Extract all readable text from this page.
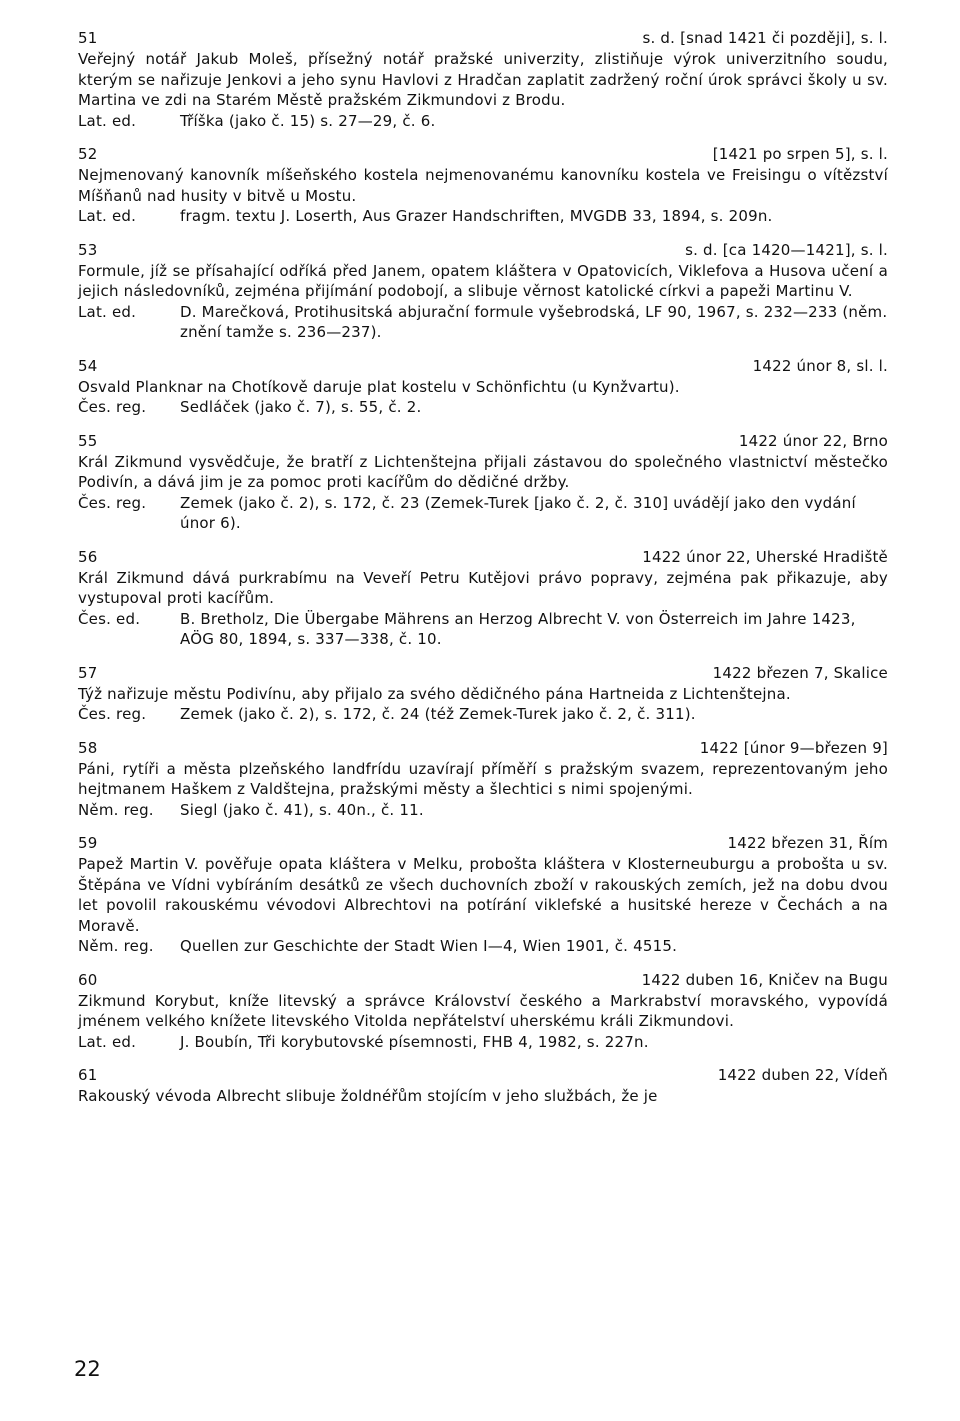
51	s. d. [snad 1421 či později], s. l.
Veřejný notář Jakub Moleš, přísežný notář pražské univerzity, zlistiňuje výrok univerzitního soudu, kterým se nařizuje Jenkovi a jeho synu Havlovi z Hradčan zaplatit zadržený roční úrok správci školy u sv. Martina ve zdi na Starém Městě pražském Zikmundovi z Brodu.
Lat. ed.	Tříška (jako č. 15) s. 27—29, č. 6.
52	[1421 po srpen 5], s. l.
Nejmenovaný kanovník míšeňského kostela nejmenovanému kanovníku kostela ve Freisingu o vítězství Míšňanů nad husity v bitvě u Mostu.
Lat. ed.	fragm. textu J. Loserth, Aus Grazer Handschriften, MVGDB 33, 1894, s. 209n.
53	s. d. [ca 1420—1421], s. l.
Formule, jíž se přísahající odříká před Janem, opatem kláštera v Opatovicích, Viklefova a Husova učení a jejich následovníků, zejména přijímání podobojí, a slibuje věrnost katolické církvi a papeži Martinu V.
Lat. ed.	D. Marečková, Protihusitská abjurační formule vyšebrodská, LF 90, 1967, s. 232—233 (něm. znění tamže s. 236—237).
54	1422 únor 8, sl. l.
Osvald Planknar na Chotíkově daruje plat kostelu v Schönfichtu (u Kynžvartu).
Čes. reg.	Sedláček (jako č. 7), s. 55, č. 2.
55	1422 únor 22, Brno
Král Zikmund vysvědčuje, že bratří z Lichtenštejna přijali zástavou do společného vlastnictví městečko Podivín, a dává jim je za pomoc proti kacířům do dědičné držby.
Čes. reg.	Zemek (jako č. 2), s. 172, č. 23 (Zemek-Turek [jako č. 2, č. 310] uvádějí jako den vydání únor 6).
56	1422 únor 22, Uherské Hradiště
Král Zikmund dává purkrabímu na Veveří Petru Kutějovi právo popravy, zejména pak přikazuje, aby vystupoval proti kacířům.
Čes. ed.	B. Bretholz, Die Übergabe Mährens an Herzog Albrecht V. von Österreich im Jahre 1423, AÖG 80, 1894, s. 337—338, č. 10.
57	1422 březen 7, Skalice
Týž nařizuje městu Podivínu, aby přijalo za svého dědičného pána Hartneida z Lichtenštejna.
Čes. reg.	Zemek (jako č. 2), s. 172, č. 24 (též Zemek-Turek jako č. 2, č. 311).
58	1422 [únor 9—březen 9]
Páni, rytíři a města plzeňského landfrídu uzavírají příměří s pražským svazem, reprezentovaným jeho hejtmanem Haškem z Valdštejna, pražskými městy a šlechtici s nimi spojenými.
Něm. reg.	Siegl (jako č. 41), s. 40n., č. 11.
59	1422 březen 31, Řím
Papež Martin V. pověřuje opata kláštera v Melku, probošta kláštera v Klosterneuburgu a probošta u sv. Štěpána ve Vídni vybíráním desátků ze všech duchovních zboží v rakouských zemích, jež na dobu dvou let povolil rakouskému vévodovi Albrechtovi na potírání viklefské a husitské hereze v Čechách a na Moravě.
Něm. reg.	Quellen zur Geschichte der Stadt Wien I—4, Wien 1901, č. 4515.
60	1422 duben 16, Kničev na Bugu
Zikmund Korybut, kníže litevský a správce Království českého a Markrabství moravského, vypovídá jménem velkého knížete litevského Vitolda nepřátelství uherskému králi Zikmundovi.
Lat. ed.	J. Boubín, Tři korybutovské písemnosti, FHB 4, 1982, s. 227n.
61	1422 duben 22, Vídeň
Rakouský vévoda Albrecht slibuje žoldnéřům stojícím v jeho službách, že je
22
